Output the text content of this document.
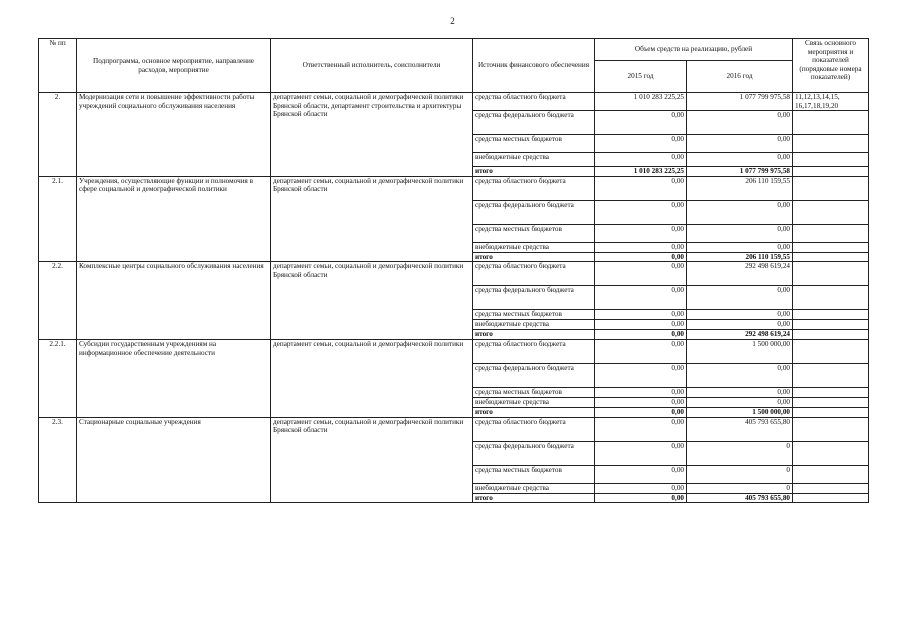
2
№ пп	Подпрограмма, основное мероприятие, направление расходов, мероприятие	Ответственный исполнитель, соисполнители	Источник финансового обеспечения	Объем средств на реализацию, рублей		Связь основного мероприятия и показателей (порядковые номера показателей)
				2015 год	2016 год	
2.	Модернизация сети и повышение эффективности работы учреждений социального обслуживания населения	департамент семьи, социальной и демографической политики Брянской области, департамент строительства и архитектуры Брянской области	средства областного бюджета	1 010 283 225,25	1 077 799 975,58	11,12,13,14,15, 16,17,18,19,20
			средства федерального бюджета	0,00	0,00	
			средства местных бюджетов	0,00	0,00	
			внебюджетные средства	0,00	0,00	
			итого	1 010 283 225,25	1 077 799 975,58	
2.1.	Учреждения, осуществляющие функции и полномочия в сфере социальной и демографической политики	департамент семьи, социальной и демографической политики Брянской области	средства областного бюджета	0,00	206 110 159,55	
			средства федерального бюджета	0,00	0,00	
			средства местных бюджетов	0,00	0,00	
			внебюджетные средства	0,00	0,00	
			итого	0,00	206 110 159,55	
2.2.	Комплексные центры социального обслуживания населения	департамент семьи, социальной и демографической политики Брянской области	средства областного бюджета	0,00	292 498 619,24	
			средства федерального бюджета	0,00	0,00	
			средства местных бюджетов	0,00	0,00	
			внебюджетные средства	0,00	0,00	
			итого	0,00	292 498 619,24	
2.2.1.	Субсидии государственным учреждениям на информационное обеспечение деятельности	департамент семьи, социальной и демографической политики	средства областного бюджета	0,00	1 500 000,00	
			средства федерального бюджета	0,00	0,00	
			средства местных бюджетов	0,00	0,00	
			внебюджетные средства	0,00	0,00	
			итого	0,00	1 500 000,00	
2.3.	Стационарные социальные учреждения	департамент семьи, социальной и демографической политики Брянской области	средства областного бюджета	0,00	405 793 655,80	
			средства федерального бюджета	0,00	0	
			средства местных бюджетов	0,00	0	
			внебюджетные средства	0,00	0	
			итого	0,00	405 793 655,80	
